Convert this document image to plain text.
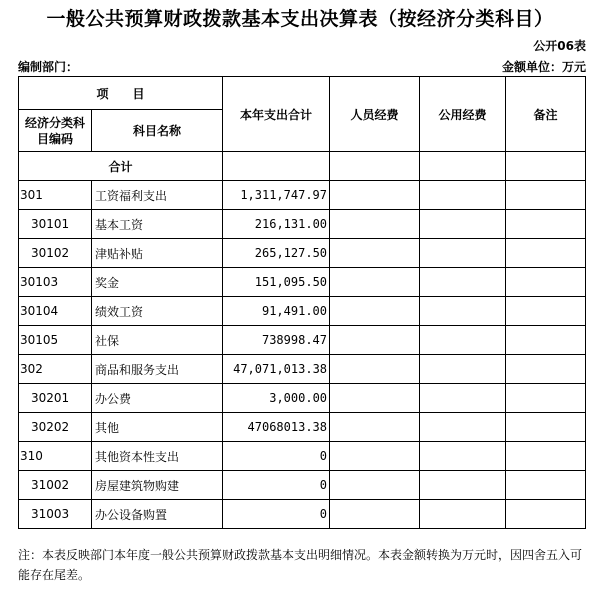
一般公共预算财政拨款基本支出决算表（按经济分类科目）
公开06表
编制部门：	金额单位：万元
项　　目		本年支出合计	人员经费	公用经费	备注
经济分类科目编码	科目名称				
合计					
301	工资福利支出	1,311,747.97			
30101	基本工资	216,131.00			
30102	津贴补贴	265,127.50			
30103	奖金	151,095.50			
30104	绩效工资	91,491.00			
30105	社保	738998.47			
302	商品和服务支出	47,071,013.38			
30201	办公费	3,000.00			
30202	其他	47068013.38			
310	其他资本性支出	0			
31002	房屋建筑物购建	0			
31003	办公设备购置	0			
注：本表反映部门本年度一般公共预算财政拨款基本支出明细情况。本表金额转换为万元时，因四舍五入可能存在尾差。
